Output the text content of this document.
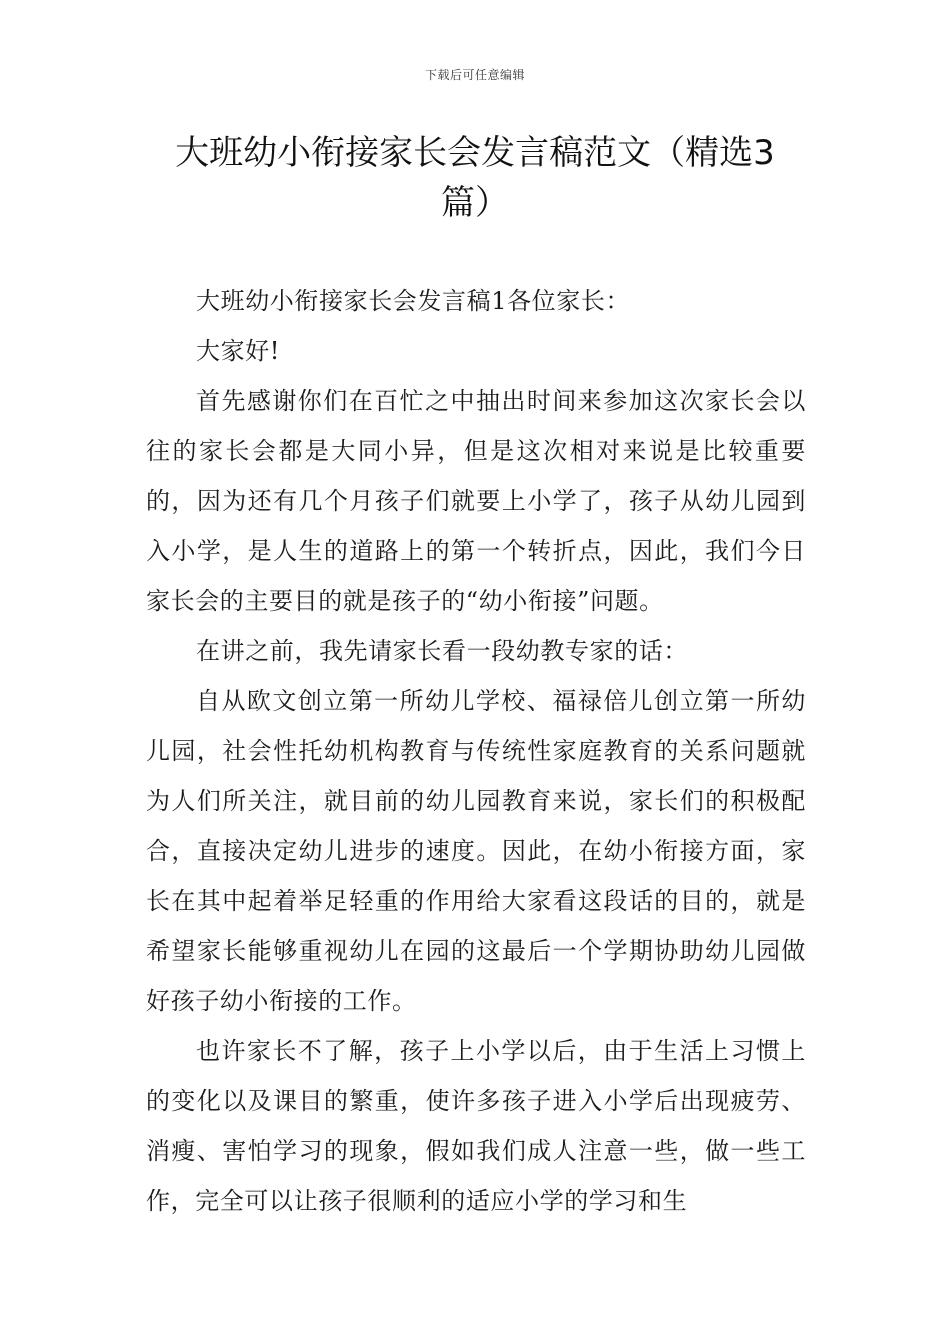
下载后可任意编辑
大班幼小衔接家长会发言稿范文（精选3篇）

大班幼小衔接家长会发言稿1各位家长：

大家好!

首先感谢你们在百忙之中抽出时间来参加这次家长会以往的家长会都是大同小异，但是这次相对来说是比较重要的，因为还有几个月孩子们就要上小学了，孩子从幼儿园到入小学，是人生的道路上的第一个转折点，因此，我们今日家长会的主要目的就是孩子的“幼小衔接”问题。

在讲之前，我先请家长看一段幼教专家的话：

自从欧文创立第一所幼儿学校、福禄倍儿创立第一所幼儿园，社会性托幼机构教育与传统性家庭教育的关系问题就为人们所关注，就目前的幼儿园教育来说，家长们的积极配合，直接决定幼儿进步的速度。因此，在幼小衔接方面，家长在其中起着举足轻重的作用给大家看这段话的目的，就是希望家长能够重视幼儿在园的这最后一个学期协助幼儿园做好孩子幼小衔接的工作。

也许家长不了解，孩子上小学以后，由于生活上习惯上的变化以及课目的繁重，使许多孩子进入小学后出现疲劳、消瘦、害怕学习的现象，假如我们成人注意一些，做一些工作，完全可以让孩子很顺利的适应小学的学习和生
